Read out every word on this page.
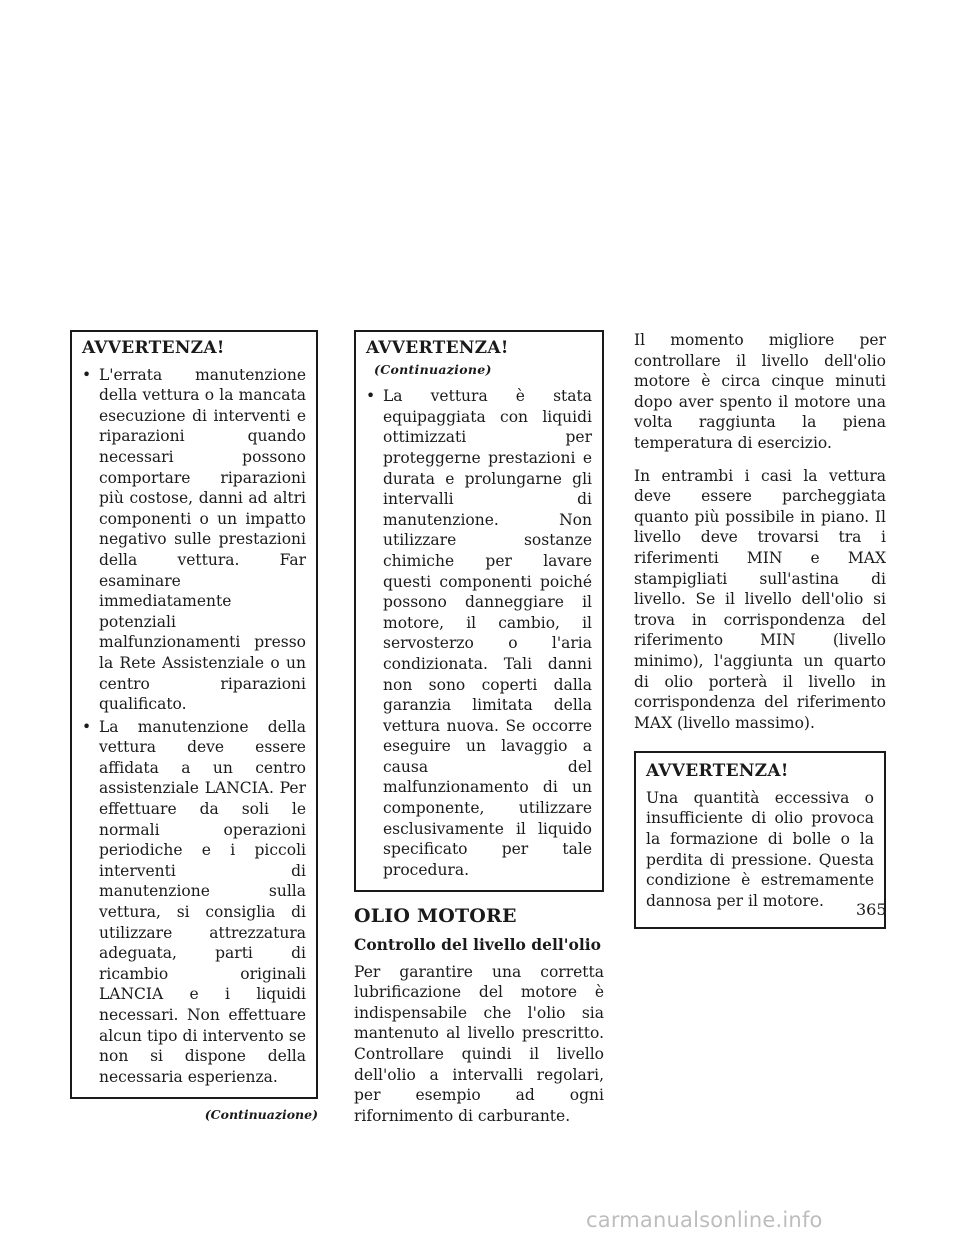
AVVERTENZA!
• L'errata manutenzione della vettura o la mancata esecuzione di interventi e riparazioni quando necessari possono comportare riparazioni più costose, danni ad altri componenti o un impatto negativo sulle prestazioni della vettura. Far esaminare immediatamente potenziali malfunzionamenti presso la Rete Assistenziale o un centro riparazioni qualificato.
• La manutenzione della vettura deve essere affidata a un centro assistenziale LANCIA. Per effettuare da soli le normali operazioni periodiche e i piccoli interventi di manutenzione sulla vettura, si consiglia di utilizzare attrezzatura adeguata, parti di ricambio originali LANCIA e i liquidi necessari. Non effettuare alcun tipo di intervento se non si dispone della necessaria esperienza.
(Continuazione)
AVVERTENZA!(Continuazione)
• La vettura è stata equipaggiata con liquidi ottimizzati per proteggerne prestazioni e durata e prolungarne gli intervalli di manutenzione. Non utilizzare sostanze chimiche per lavare questi componenti poiché possono danneggiare il motore, il cambio, il servosterzo o l'aria condizionata. Tali danni non sono coperti dalla garanzia limitata della vettura nuova. Se occorre eseguire un lavaggio a causa del malfunzionamento di un componente, utilizzare esclusivamente il liquido specificato per tale procedura.
OLIO MOTORE
Controllo del livello dell'olio

Per garantire una corretta lubrificazione del motore è indispensabile che l'olio sia mantenuto al livello prescritto. Controllare quindi il livello dell'olio a intervalli regolari, per esempio ad ogni rifornimento di carburante.

Il momento migliore per controllare il livello dell'olio motore è circa cinque minuti dopo aver spento il motore una volta raggiunta la piena temperatura di esercizio.

In entrambi i casi la vettura deve essere parcheggiata quanto più possibile in piano. Il livello deve trovarsi tra i riferimenti MIN e MAX stampigliati sull'astina di livello. Se il livello dell'olio si trova in corrispondenza del riferimento MIN (livello minimo), l'aggiunta un quarto di olio porterà il livello in corrispondenza del riferimento MAX (livello massimo).

AVVERTENZA!

Una quantità eccessiva o insufficiente di olio provoca la formazione di bolle o la perdita di pressione. Questa condizione è estremamente dannosa per il motore.	365
carmanualsonline.info
